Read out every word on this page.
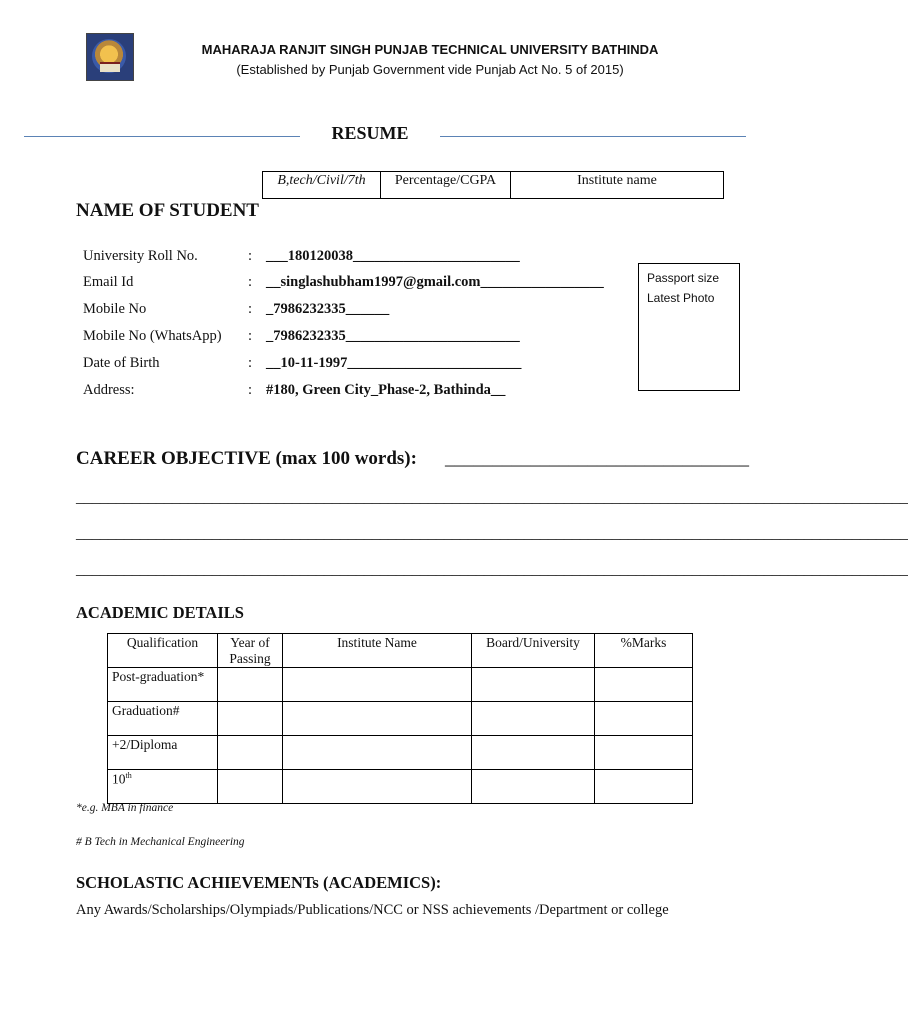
MAHARAJA RANJIT SINGH PUNJAB TECHNICAL UNIVERSITY BATHINDA
(Established by Punjab Government vide Punjab Act No. 5 of 2015)
RESUME
B,tech/Civil/7th	Percentage/CGPA	Institute name
NAME OF STUDENT
University Roll No.	: ___180120038_______________________
Email Id	: __singlashubham1997@gmail.com_________________
Mobile No	: _7986232335______
Mobile No (WhatsApp) : _7986232335________________________
Date of Birth	: __10-11-1997________________________
Address:	: #180, Green City_Phase-2, Bathinda__
Passport size
Latest Photo
CAREER OBJECTIVE (max 100 words): ________________________________
________________________________________________________________________________________________________
________________________________________________________________________________________________________
________________________________________________________________________________________________________
ACADEMIC DETAILS
Qualification	Year of Passing	Institute Name	Board/University	%Marks
Post-graduation*				
Graduation#				
+2/Diploma				
10th				
*e.g. MBA in finance
# B Tech in Mechanical Engineering
SCHOLASTIC ACHIEVEMENTs (ACADEMICS):
Any Awards/Scholarships/Olympiads/Publications/NCC or NSS achievements /Department or college
